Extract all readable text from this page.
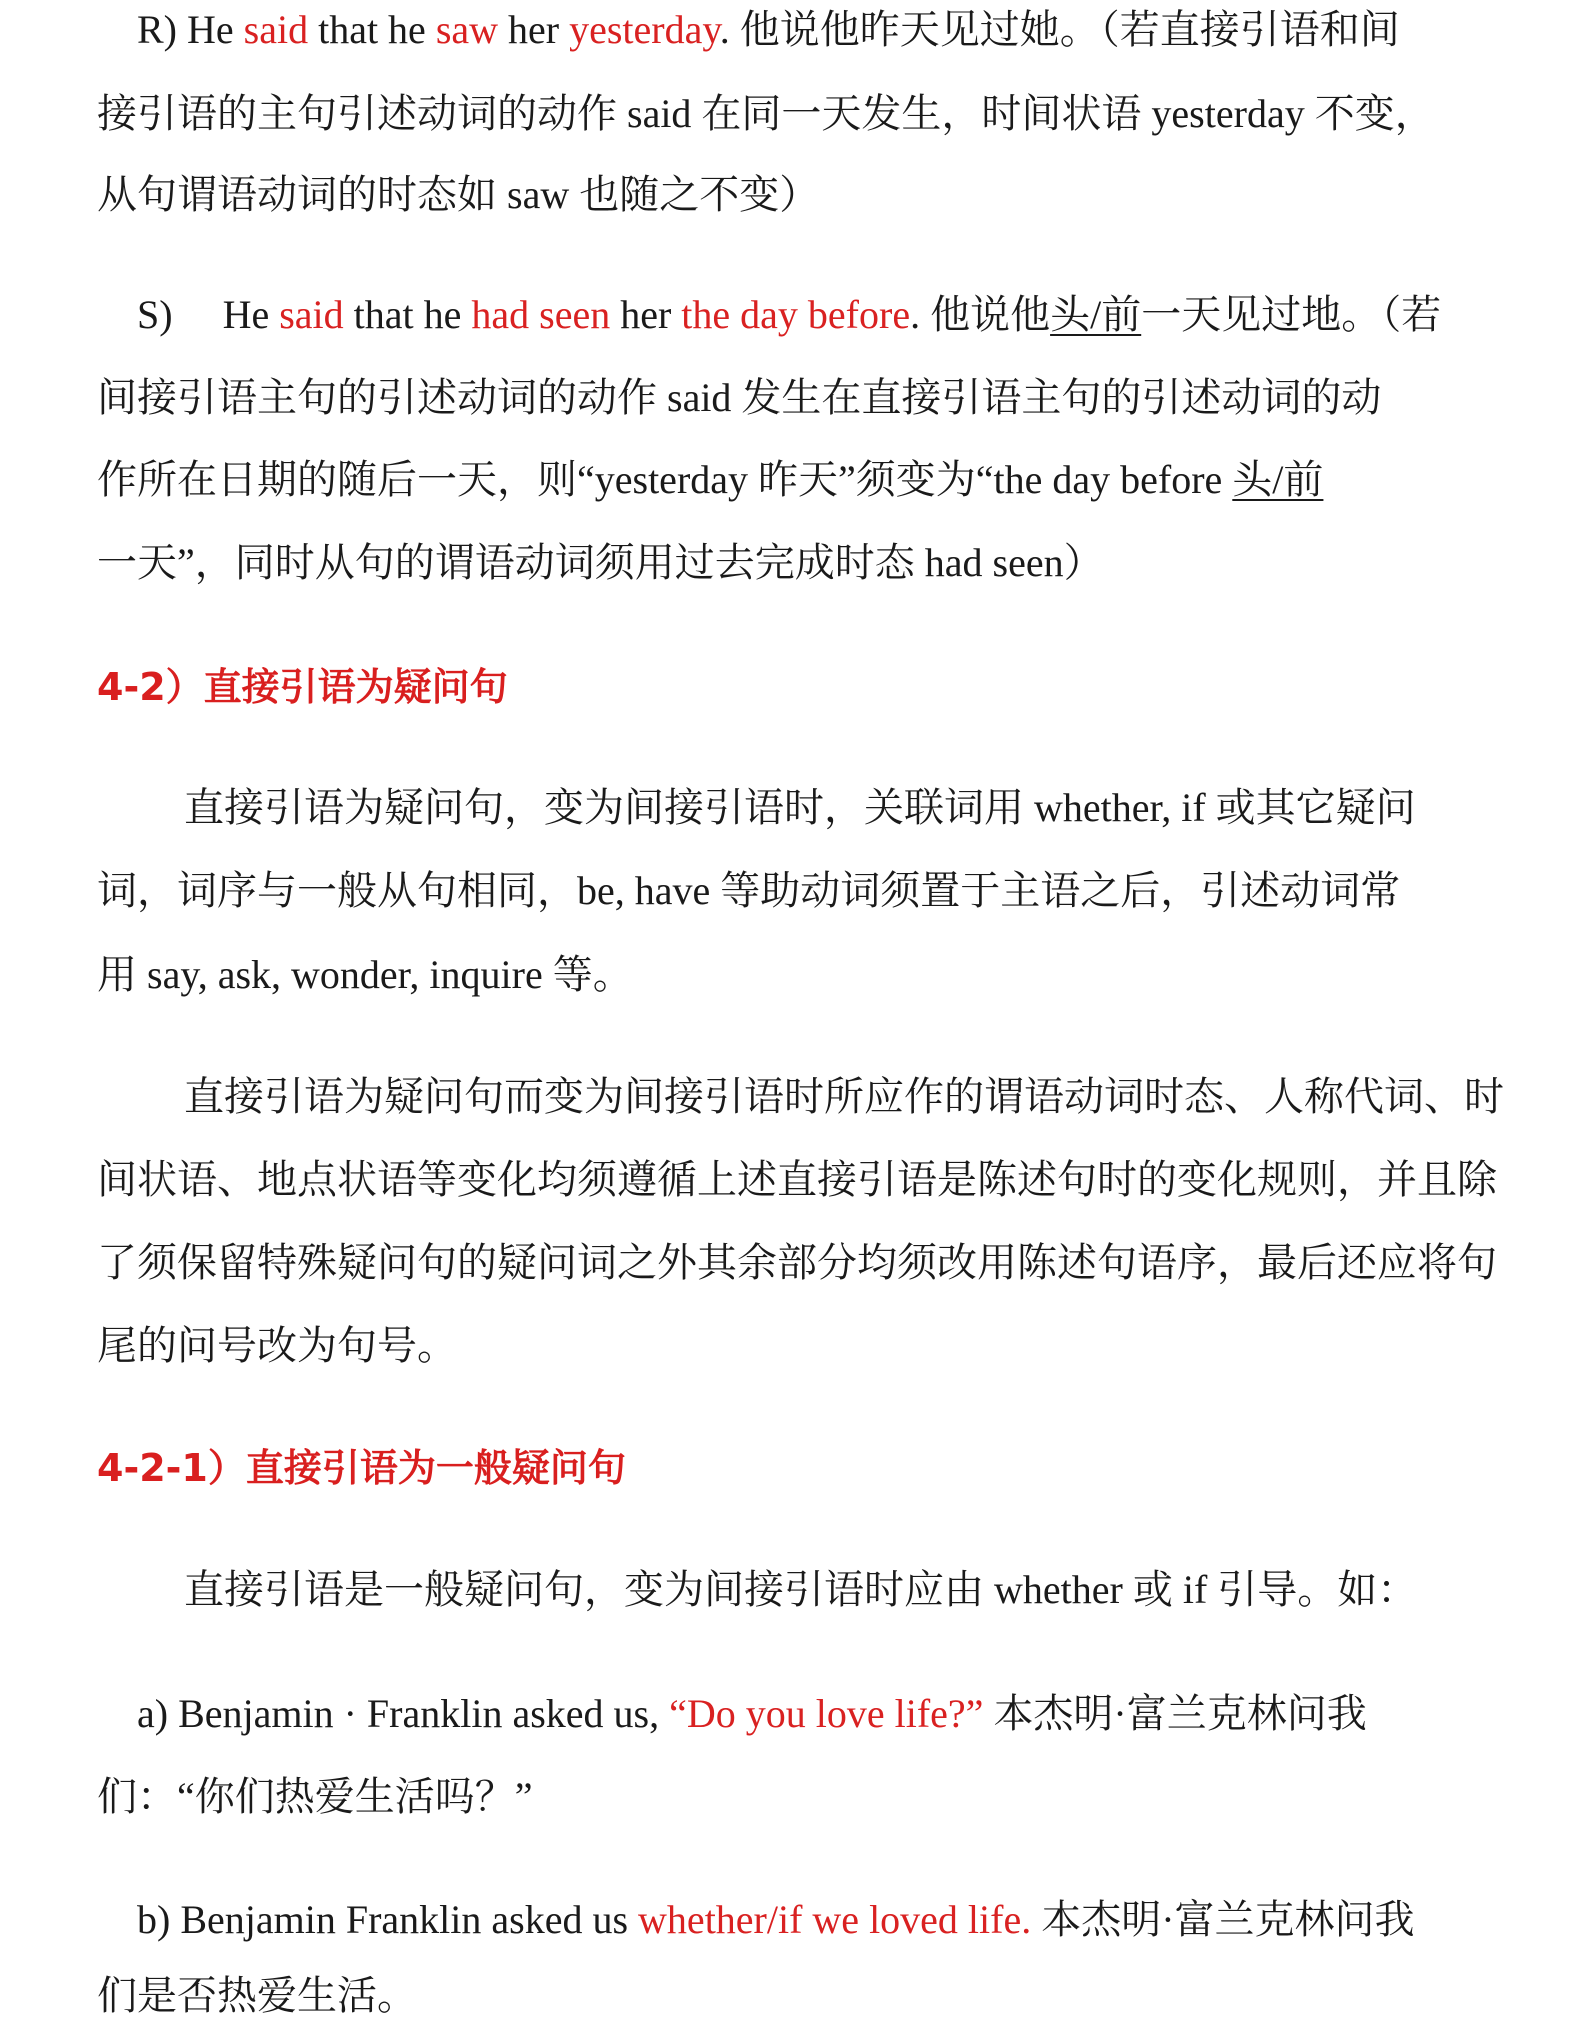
R) He said that he saw her yesterday. 他说他昨天见过她。（若直接引语和间
接引语的主句引述动词的动作 said 在同一天发生，时间状语 yesterday 不变，
从句谓语动词的时态如 saw 也随之不变）
S) He said that he had seen her the day before. 他说他头/前一天见过地。（若
间接引语主句的引述动词的动作 said 发生在直接引语主句的引述动词的动
作所在日期的随后一天，则“yesterday 昨天”须变为“the day before 头/前
一天”，同时从句的谓语动词须用过去完成时态 had seen）
4-2）直接引语为疑问句
直接引语为疑问句，变为间接引语时，关联词用 whether, if 或其它疑问
词，词序与一般从句相同，be, have 等助动词须置于主语之后，引述动词常
用 say, ask, wonder, inquire 等。
直接引语为疑问句而变为间接引语时所应作的谓语动词时态、人称代词、时
间状语、地点状语等变化均须遵循上述直接引语是陈述句时的变化规则，并且除
了须保留特殊疑问句的疑问词之外其余部分均须改用陈述句语序，最后还应将句
尾的问号改为句号。
4-2-1）直接引语为一般疑问句
直接引语是一般疑问句，变为间接引语时应由 whether 或 if 引导。如：
a) Benjamin · Franklin asked us, “Do you love life?” 本杰明·富兰克林问我
们：“你们热爱生活吗？”
b) Benjamin Franklin asked us whether/if we loved life. 本杰明·富兰克林问我
们是否热爱生活。
